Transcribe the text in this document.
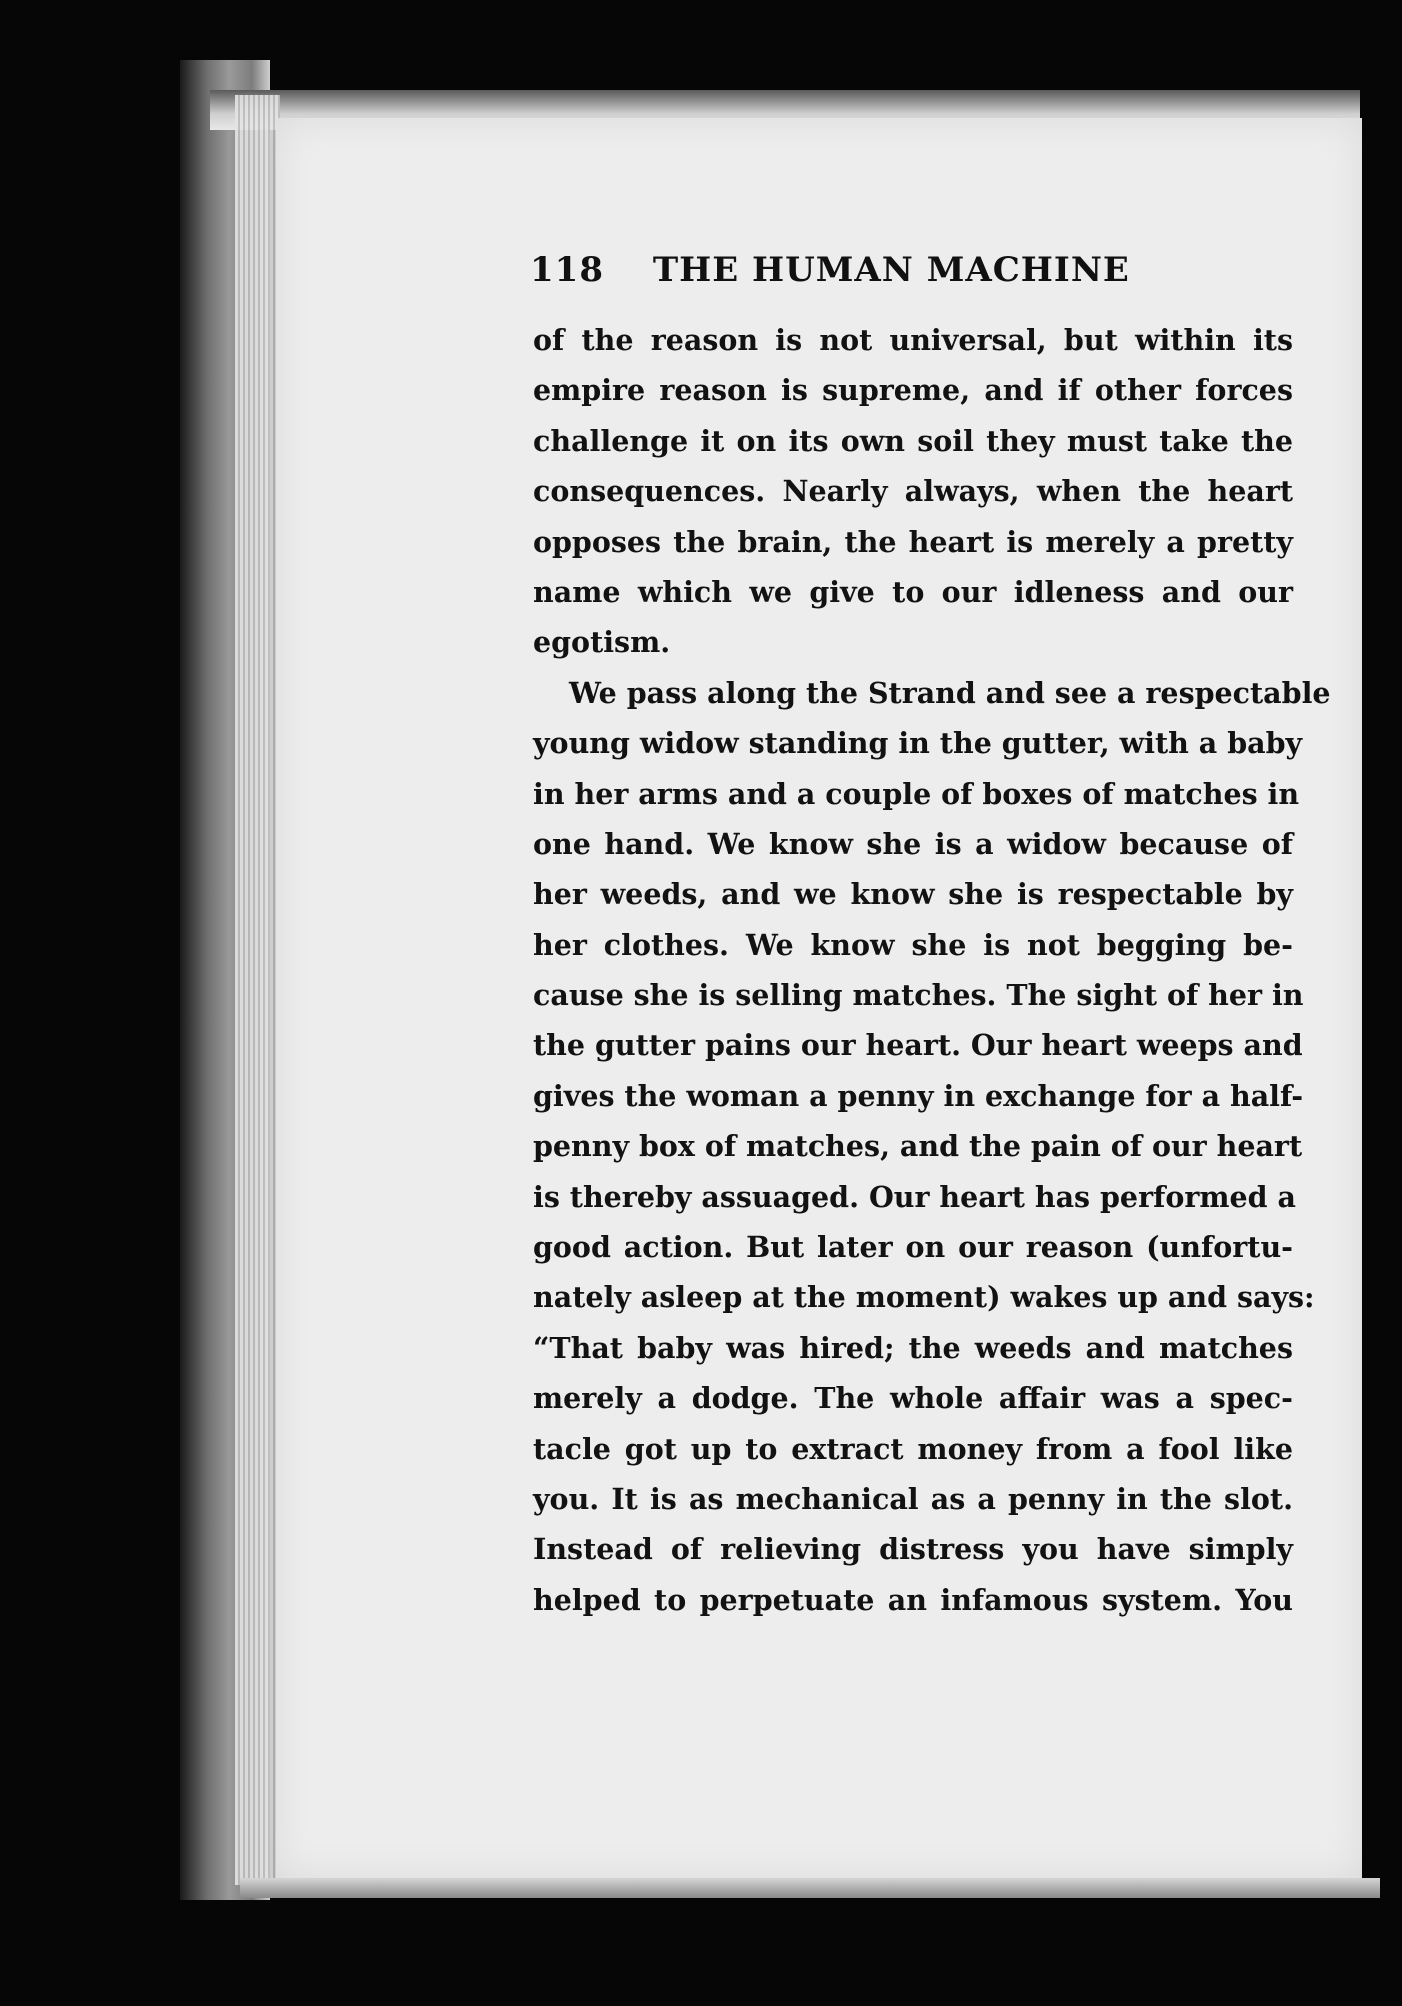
118 THE HUMAN MACHINE
of the reason is not universal, but within its
empire reason is supreme, and if other forces
challenge it on its own soil they must take the
consequences. Nearly always, when the heart
opposes the brain, the heart is merely a pretty
name which we give to our idleness and our
egotism.
We pass along the Strand and see a respectable
young widow standing in the gutter, with a baby
in her arms and a couple of boxes of matches in
one hand. We know she is a widow because of
her weeds, and we know she is respectable by
her clothes. We know she is not begging be-
cause she is selling matches. The sight of her in
the gutter pains our heart. Our heart weeps and
gives the woman a penny in exchange for a half-
penny box of matches, and the pain of our heart
is thereby assuaged. Our heart has performed a
good action. But later on our reason (unfortu-
nately asleep at the moment) wakes up and says:
“That baby was hired; the weeds and matches
merely a dodge. The whole affair was a spec-
tacle got up to extract money from a fool like
you. It is as mechanical as a penny in the slot.
Instead of relieving distress you have simply
helped to perpetuate an infamous system. You
